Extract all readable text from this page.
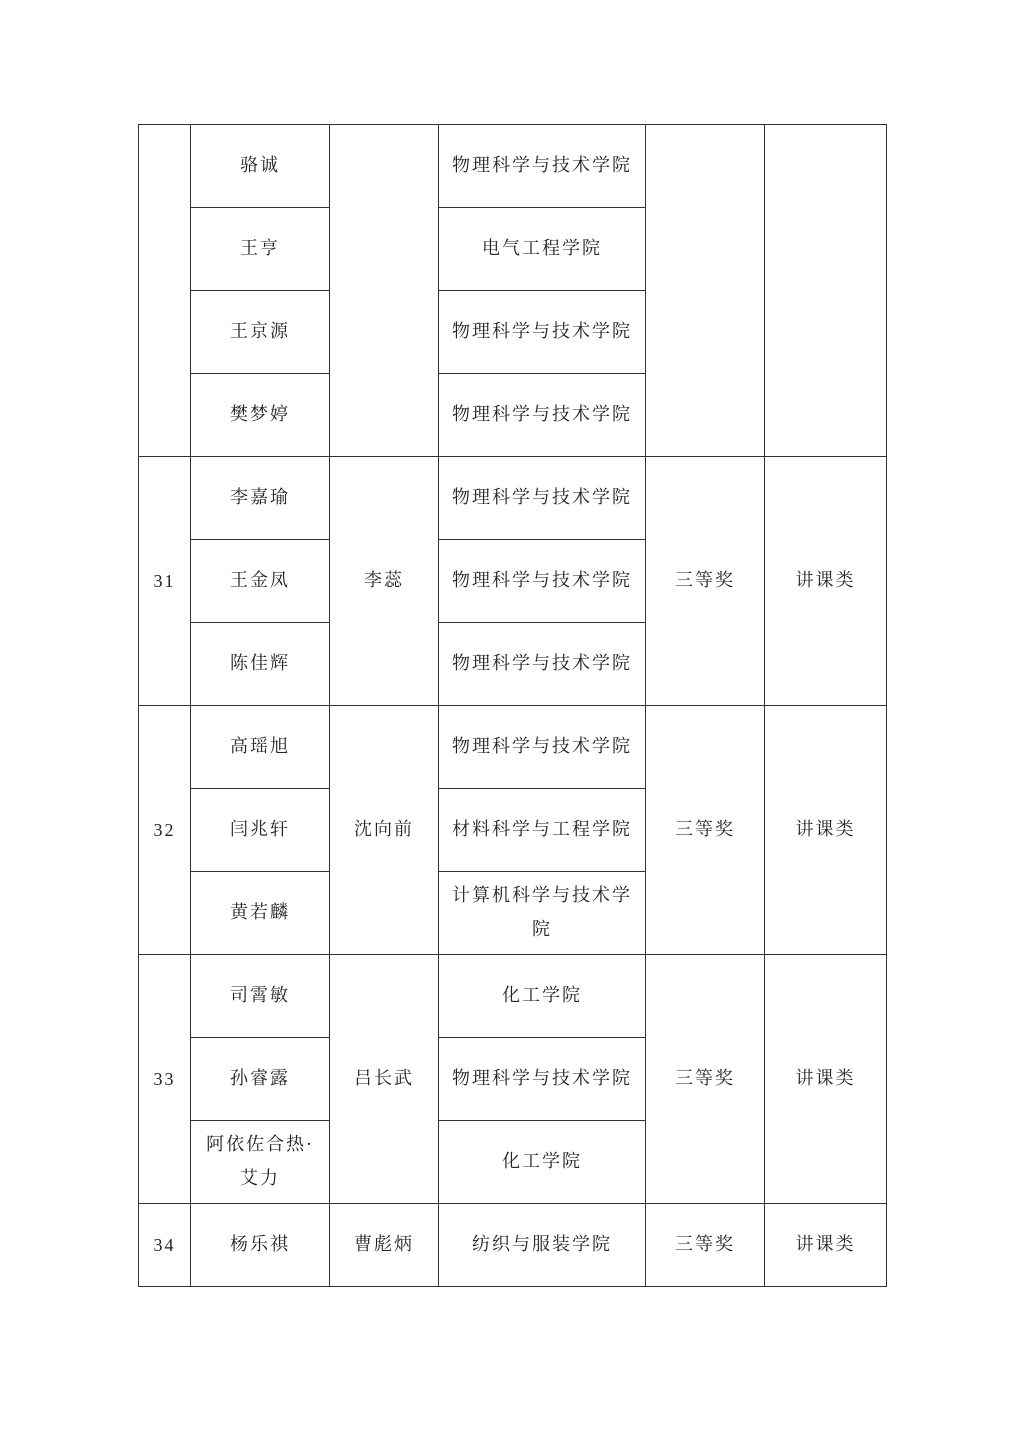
	骆诚		物理科学与技术学院		
	王亨		电气工程学院		
	王京源		物理科学与技术学院		
	樊梦婷		物理科学与技术学院		
31	李嘉瑜	李蕊	物理科学与技术学院	三等奖	讲课类
	王金凤		物理科学与技术学院		
	陈佳辉		物理科学与技术学院		
32	高瑶旭	沈向前	物理科学与技术学院	三等奖	讲课类
	闫兆轩		材料科学与工程学院		
	黄若麟		计算机科学与技术学院		
33	司霄敏	吕长武	化工学院	三等奖	讲课类
	孙睿露		物理科学与技术学院		
	阿依佐合热·艾力		化工学院		
34	杨乐祺	曹彪炳	纺织与服装学院	三等奖	讲课类
